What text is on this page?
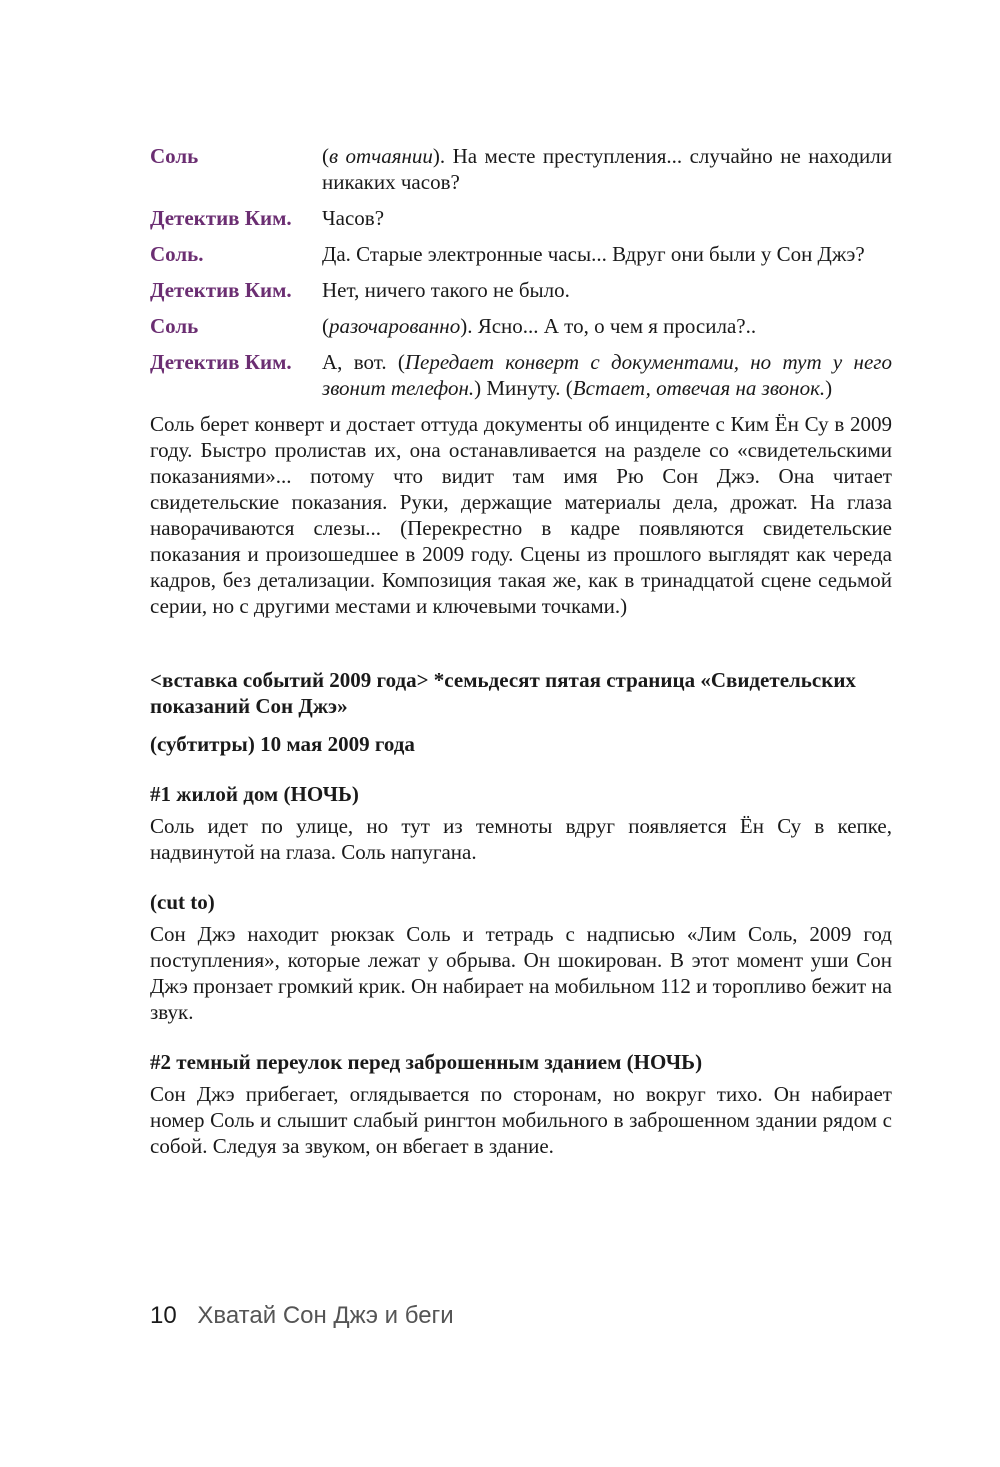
Соль	(в отчаянии). На месте преступления... случайно не находили никаких часов?
Детектив Ким.	Часов?
Соль.	Да. Старые электронные часы... Вдруг они были у Сон Джэ?
Детектив Ким.	Нет, ничего такого не было.
Соль	(разочарованно). Ясно... А то, о чем я просила?..
Детектив Ким.	А, вот. (Передает конверт с документами, но тут у него звонит телефон.) Минуту. (Встает, отвечая на звонок.)

Соль берет конверт и достает оттуда документы об инциденте с Ким Ён Су в 2009 году. Быстро пролистав их, она останавливается на разделе со «свидетельскими показаниями»... потому что видит там имя Рю Сон Джэ. Она читает свидетельские показания. Руки, держащие материалы дела, дрожат. На глаза наворачиваются слезы... (Перекрестно в кадре появляются свидетельские показания и произошедшее в 2009 году. Сцены из прошлого выглядят как череда кадров, без детализации. Композиция такая же, как в тринадцатой сцене седьмой серии, но с другими местами и ключевыми точками.)

<вставка событий 2009 года> *семьдесят пятая страница «Свидетельских показаний Сон Джэ»

(субтитры) 10 мая 2009 года

#1 жилой дом (НОЧЬ)

Соль идет по улице, но тут из темноты вдруг появляется Ён Су в кепке, надвинутой на глаза. Соль напугана.

(cut to)

Сон Джэ находит рюкзак Соль и тетрадь с надписью «Лим Соль, 2009 год поступления», которые лежат у обрыва. Он шокирован. В этот момент уши Сон Джэ пронзает громкий крик. Он набирает на мобильном 112 и торопливо бежит на звук.

#2 темный переулок перед заброшенным зданием (НОЧЬ)

Сон Джэ прибегает, оглядывается по сторонам, но вокруг тихо. Он набирает номер Соль и слышит слабый рингтон мобильного в заброшенном здании рядом с собой. Следуя за звуком, он вбегает в здание.

10 Хватай Сон Джэ и беги
